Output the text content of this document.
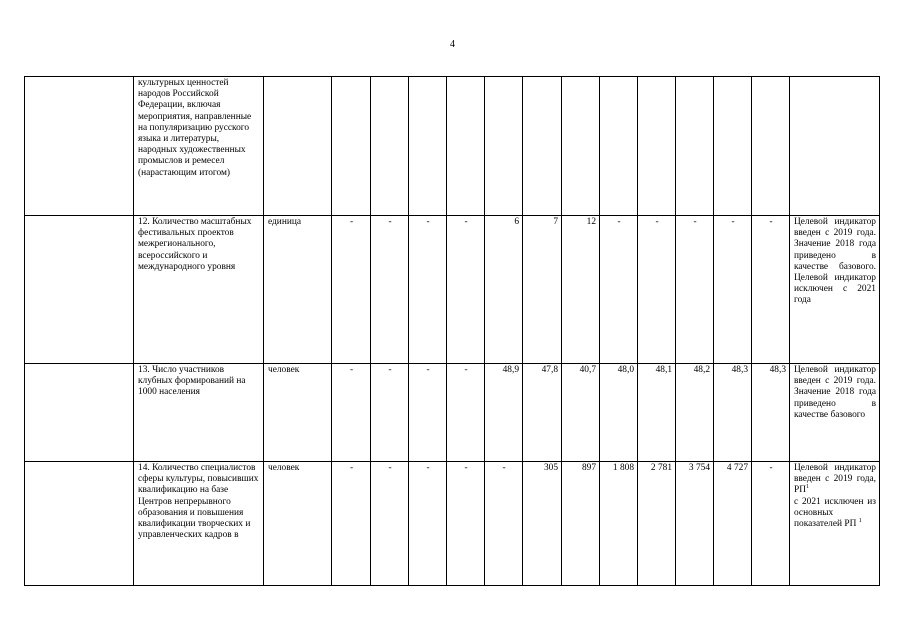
4
	культурных ценностей народов Российской Федерации, включая мероприятия, направленные на популяризацию русского языка и литературы, народных художественных промыслов и ремесел (нарастающим итогом)														
	12. Количество масштабных фестивальных проектов межрегионального, всероссийского и международного уровня	единица	-	-	-	-	6	7	12	-	-	-	-	-	Целевой индикатор введен с 2019 года. Значение 2018 года приведено в качестве базового. Целевой индикатор исключен с 2021 года
	13. Число участников клубных формирований на 1000 населения	человек	-	-	-	-	48,9	47,8	40,7	48,0	48,1	48,2	48,3	48,3	Целевой индикатор введен с 2019 года. Значение 2018 года приведено в качестве базового
	14. Количество специалистов сферы культуры, повысивших квалификацию на базе Центров непрерывного образования и повышения квалификации творческих и управленческих кадров в	человек	-	-	-	-	-	305	897	1 808	2 781	3 754	4 727	-	Целевой индикатор введен с 2019 года, $РП^1$
с 2021 исключен из основных показателей РП $^1$
